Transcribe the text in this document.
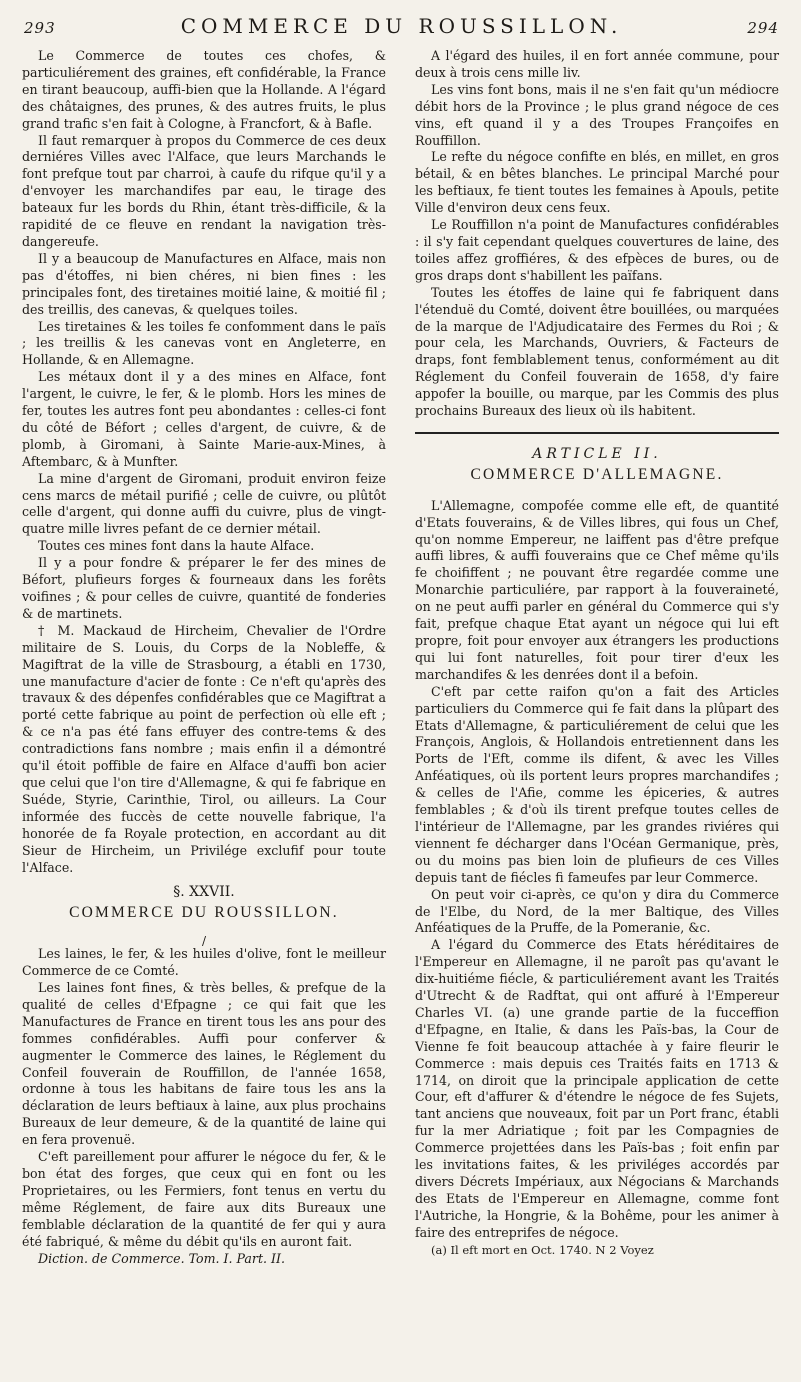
293	COMMERCE DU ROUSSILLON.	294

Le Commerce de toutes ces chofes, & particuliérement des graines, eft confidérable, la France en tirant beaucoup, auffi-bien que la Hollande. A l'égard des châtaignes, des prunes, & des autres fruits, le plus grand trafic s'en fait à Cologne, à Francfort, & à Bafle.

Il faut remarquer à propos du Commerce de ces deux derniéres Villes avec l'Alface, que leurs Marchands le font prefque tout par charroi, à caufe du rifque qu'il y a d'envoyer les marchandifes par eau, le tirage des bateaux fur les bords du Rhin, étant très-difficile, & la rapidité de ce fleuve en rendant la navigation très-dangereufe.

Il y a beaucoup de Manufactures en Alface, mais non pas d'étoffes, ni bien chéres, ni bien fines : les principales font, des tiretaines moitié laine, & moitié fil ; des treillis, des canevas, & quelques toiles.

Les tiretaines & les toiles fe confomment dans le païs ; les treillis & les canevas vont en Angleterre, en Hollande, & en Allemagne.

Les métaux dont il y a des mines en Alface, font l'argent, le cuivre, le fer, & le plomb. Hors les mines de fer, toutes les autres font peu abondantes : celles-ci font du côté de Béfort ; celles d'argent, de cuivre, & de plomb, à Giromani, à Sainte Marie-aux-Mines, à Aftembarc, & à Munfter.

La mine d'argent de Giromani, produit environ feize cens marcs de métail purifié ; celle de cuivre, ou plûtôt celle d'argent, qui donne auffi du cuivre, plus de vingt-quatre mille livres pefant de ce dernier métail.

Toutes ces mines font dans la haute Alface.

Il y a pour fondre & préparer le fer des mines de Béfort, plufieurs forges & fourneaux dans les forêts voifines ; & pour celles de cuivre, quantité de fonderies & de martinets.

† M. Mackaud de Hircheim, Chevalier de l'Ordre militaire de S. Louis, du Corps de la Nobleffe, & Magiftrat de la ville de Strasbourg, a établi en 1730, une manufacture d'acier de fonte : Ce n'eft qu'après des travaux & des dépenfes confidérables que ce Magiftrat a porté cette fabrique au point de perfection où elle eft ; & ce n'a pas été fans effuyer des contre-tems & des contradictions fans nombre ; mais enfin il a démontré qu'il étoit poffible de faire en Alface d'auffi bon acier que celui que l'on tire d'Allemagne, & qui fe fabrique en Suéde, Styrie, Carinthie, Tirol, ou ailleurs. La Cour informée des fuccès de cette nouvelle fabrique, l'a honorée de fa Royale protection, en accordant au dit Sieur de Hircheim, un Privilége exclufif pour toute l'Alface.

§. XXVII.
COMMERCE DU ROUSSILLON.
/

Les laines, le fer, & les huiles d'olive, font le meilleur Commerce de ce Comté.

Les laines font fines, & très belles, & prefque de la qualité de celles d'Efpagne ; ce qui fait que les Manufactures de France en tirent tous les ans pour des fommes confidérables. Auffi pour conferver & augmenter le Commerce des laines, le Réglement du Confeil fouverain de Rouffillon, de l'année 1658, ordonne à tous les habitans de faire tous les ans la déclaration de leurs beftiaux à laine, aux plus prochains Bureaux de leur demeure, & de la quantité de laine qui en fera provenuë.

C'eft pareillement pour affurer le négoce du fer, & le bon état des forges, que ceux qui en font ou les Proprietaires, ou les Fermiers, font tenus en vertu du même Réglement, de faire aux dits Bureaux une femblable déclaration de la quantité de fer qui y aura été fabriqué, & même du débit qu'ils en auront fait.

Diction. de Commerce. Tom. I. Part. II.

A l'égard des huiles, il en fort année commune, pour deux à trois cens mille liv.

Les vins font bons, mais il ne s'en fait qu'un médiocre débit hors de la Province ; le plus grand négoce de ces vins, eft quand il y a des Troupes Françoifes en Rouffillon.

Le refte du négoce confifte en blés, en millet, en gros bétail, & en bêtes blanches. Le principal Marché pour les beftiaux, fe tient toutes les femaines à Apouls, petite Ville d'environ deux cens feux.

Le Rouffillon n'a point de Manufactures confidérables : il s'y fait cependant quelques couvertures de laine, des toiles affez groffiéres, & des efpèces de bures, ou de gros draps dont s'habillent les païfans.

Toutes les étoffes de laine qui fe fabriquent dans l'étenduë du Comté, doivent être bouillées, ou marquées de la marque de l'Adjudicataire des Fermes du Roi ; & pour cela, les Marchands, Ouvriers, & Facteurs de draps, font femblablement tenus, conformément au dit Réglement du Confeil fouverain de 1658, d'y faire appofer la bouille, ou marque, par les Commis des plus prochains Bureaux des lieux où ils habitent.

ARTICLE II.
COMMERCE D'ALLEMAGNE.

L'Allemagne, compofée comme elle eft, de quantité d'Etats fouverains, & de Villes libres, qui fous un Chef, qu'on nomme Empereur, ne laiffent pas d'être prefque auffi libres, & auffi fouverains que ce Chef même qu'ils fe choififfent ; ne pouvant être regardée comme une Monarchie particuliére, par rapport à la fouveraineté, on ne peut auffi parler en général du Commerce qui s'y fait, prefque chaque Etat ayant un négoce qui lui eft propre, foit pour envoyer aux étrangers les productions qui lui font naturelles, foit pour tirer d'eux les marchandifes & les denrées dont il a befoin.

C'eft par cette raifon qu'on a fait des Articles particuliers du Commerce qui fe fait dans la plûpart des Etats d'Allemagne, & particuliérement de celui que les François, Anglois, & Hollandois entretiennent dans les Ports de l'Eft, comme ils difent, & avec les Villes Anféatiques, où ils portent leurs propres marchandifes ; & celles de l'Afie, comme les épiceries, & autres femblables ; & d'où ils tirent prefque toutes celles de l'intérieur de l'Allemagne, par les grandes riviéres qui viennent fe décharger dans l'Océan Germanique, près, ou du moins pas bien loin de plufieurs de ces Villes depuis tant de fiécles fi fameufes par leur Commerce.

On peut voir ci-après, ce qu'on y dira du Commerce de l'Elbe, du Nord, de la mer Baltique, des Villes Anféatiques de la Pruffe, de la Pomeranie, &c.

A l'égard du Commerce des Etats héréditaires de l'Empereur en Allemagne, il ne paroît pas qu'avant le dix-huitiéme fiécle, & particuliérement avant les Traités d'Utrecht & de Radftat, qui ont affuré à l'Empereur Charles VI. (a) une grande partie de la fucceffion d'Efpagne, en Italie, & dans les Païs-bas, la Cour de Vienne fe foit beaucoup attachée à y faire fleurir le Commerce : mais depuis ces Traités faits en 1713 & 1714, on diroit que la principale application de cette Cour, eft d'affurer & d'étendre le négoce de fes Sujets, tant anciens que nouveaux, foit par un Port franc, établi fur la mer Adriatique ; foit par les Compagnies de Commerce projettées dans les Païs-bas ; foit enfin par les invitations faites, & les priviléges accordés par divers Décrets Impériaux, aux Négocians & Marchands des Etats de l'Empereur en Allemagne, comme font l'Autriche, la Hongrie, & la Bohême, pour les animer à faire des entreprifes de négoce.

(a) Il eft mort en Oct. 1740. N 2 Voyez
